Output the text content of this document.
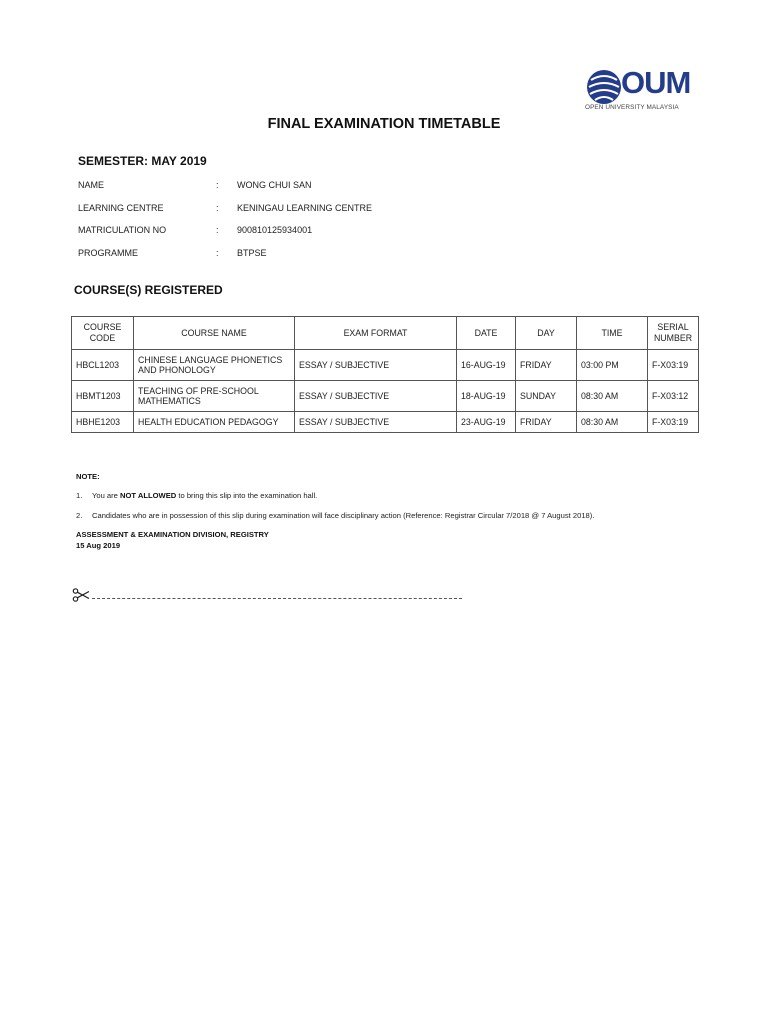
OUM
OPEN UNIVERSITY MALAYSIA
FINAL EXAMINATION TIMETABLE
SEMESTER: MAY 2019
NAME	: WONG CHUI SAN
LEARNING CENTRE	: KENINGAU LEARNING CENTRE
MATRICULATION NO	: 900810125934001
PROGRAMME	: BTPSE
COURSE(S) REGISTERED
COURSE CODE	COURSE NAME	EXAM FORMAT	DATE	DAY	TIME	SERIAL NUMBER
HBCL1203	CHINESE LANGUAGE PHONETICS AND PHONOLOGY	ESSAY / SUBJECTIVE	16-AUG-19	FRIDAY	03:00 PM	F-X03:19
HBMT1203	TEACHING OF PRE-SCHOOL MATHEMATICS	ESSAY / SUBJECTIVE	18-AUG-19	SUNDAY	08:30 AM	F-X03:12
HBHE1203	HEALTH EDUCATION PEDAGOGY	ESSAY / SUBJECTIVE	23-AUG-19	FRIDAY	08:30 AM	F-X03:19
NOTE:
1. You are NOT ALLOWED to bring this slip into the examination hall.
2. Candidates who are in possession of this slip during examination will face disciplinary action (Reference: Registrar Circular 7/2018 @ 7 August 2018).
ASSESSMENT & EXAMINATION DIVISION, REGISTRY
15 Aug 2019
